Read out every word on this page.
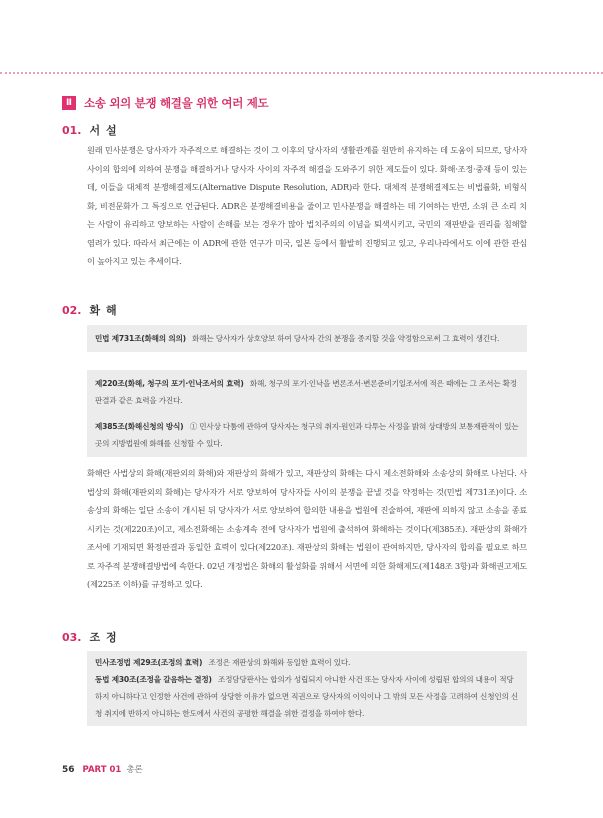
Ⅱ	소송 외의 분쟁 해결을 위한 여러 제도
01. 서 설

원래 민사분쟁은 당사자가 자주적으로 해결하는 것이 그 이후의 당사자의 생활관계를 원만히 유지하는 데 도움이 되므로, 당사자 사이의 합의에 의하여 분쟁을 해결하거나 당사자 사이의 자주적 해결을 도와주기 위한 제도들이 있다. 화해·조정·중재 등이 있는데, 이들을 대체적 분쟁해결제도(Alternative Dispute Resolution, ADR)라 한다. 대체적 분쟁해결제도는 비법률화, 비형식화, 비전문화가 그 특징으로 언급된다. ADR은 분쟁해결비용을 줄이고 민사분쟁을 해결하는 데 기여하는 반면, 소위 큰 소리 치는 사람이 유리하고 양보하는 사람이 손해를 보는 경우가 많아 법치주의의 이념을 퇴색시키고, 국민의 재판받을 권리를 침해할 염려가 있다. 따라서 최근에는 이 ADR에 관한 연구가 미국, 일본 등에서 활발히 진행되고 있고, 우리나라에서도 이에 관한 관심이 높아지고 있는 추세이다.

02. 화 해
민법 제731조(화해의 의의) 화해는 당사자가 상호양보 하여 당사자 간의 분쟁을 종지할 것을 약정함으로써 그 효력이 생긴다.
제220조(화해, 청구의 포기·인낙조서의 효력) 화해, 청구의 포기·인낙을 변론조서·변론준비기일조서에 적은 때에는 그 조서는 확정판결과 같은 효력을 가진다.
제385조(화해신청의 방식) ① 민사상 다툼에 관하여 당사자는 청구의 취지·원인과 다투는 사정을 밝혀 상대방의 보통재판적이 있는 곳의 지방법원에 화해를 신청할 수 있다.

화해란 사법상의 화해(재판외의 화해)와 재판상의 화해가 있고, 재판상의 화해는 다시 제소전화해와 소송상의 화해로 나뉜다. 사법상의 화해(재판외의 화해)는 당사자가 서로 양보하여 당사자들 사이의 분쟁을 끝낼 것을 약정하는 것(민법 제731조)이다. 소송상의 화해는 일단 소송이 개시된 뒤 당사자가 서로 양보하여 합의한 내용을 법원에 진술하여, 재판에 의하지 않고 소송을 종료시키는 것(제220조)이고, 제소전화해는 소송계속 전에 당사자가 법원에 출석하여 화해하는 것이다(제385조). 재판상의 화해가 조서에 기재되면 확정판결과 동일한 효력이 있다(제220조). 재판상의 화해는 법원이 관여하지만, 당사자의 합의를 필요로 하므로 자주적 분쟁해결방법에 속한다. 02년 개정법은 화해의 활성화를 위해서 서면에 의한 화해제도(제148조 3항)과 화해권고제도(제225조 이하)를 규정하고 있다.

03. 조 정
민사조정법 제29조(조정의 효력) 조정은 재판상의 화해와 동일한 효력이 있다.
동법 제30조(조정을 갈음하는 결정) 조정담당판사는 합의가 성립되지 아니한 사건 또는 당사자 사이에 성립된 합의의 내용이 적당하지 아니하다고 인정한 사건에 관하여 상당한 이유가 없으면 직권으로 당사자의 이익이나 그 밖의 모든 사정을 고려하여 신청인의 신청 취지에 반하지 아니하는 한도에서 사건의 공평한 해결을 위한 결정을 하여야 한다.
56 PART 01 총론
